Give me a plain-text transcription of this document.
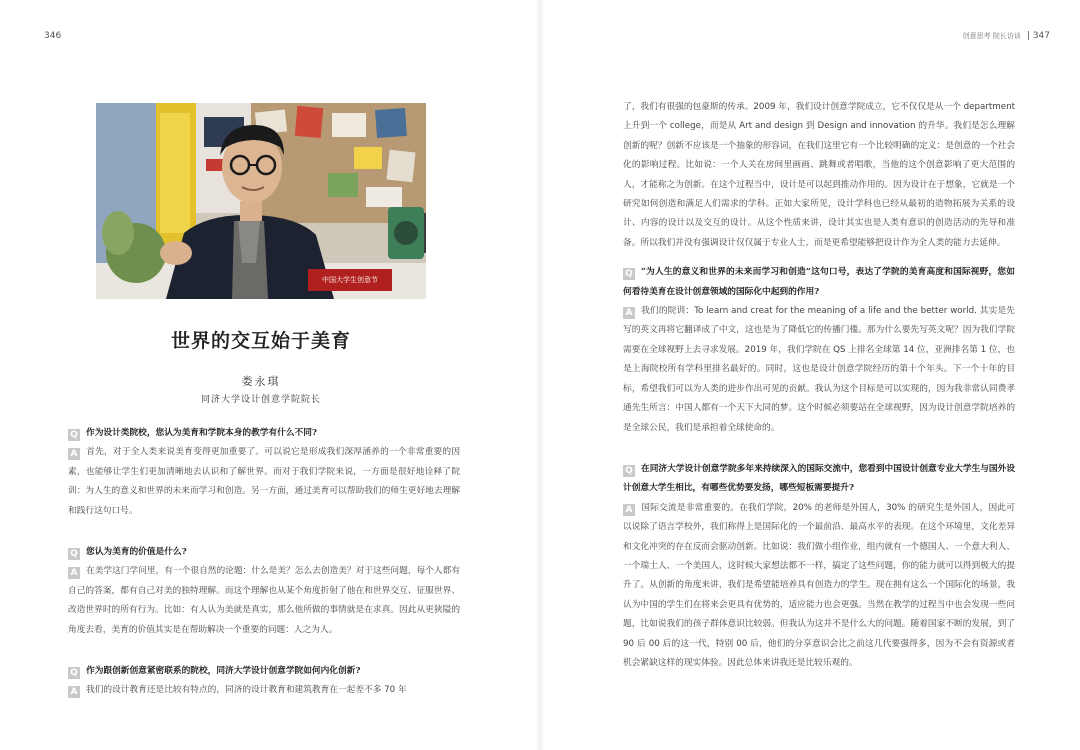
346	创意思考 院长访谈 | 347
中国大学生创意节
世界的交互始于美育
娄永琪
同济大学设计创意学院院长

Q 作为设计类院校，您认为美育和学院本身的教学有什么不同?

A 首先，对于全人类来说美育变得更加重要了。可以说它是形成我们深厚涵养的一个非常重要的因素，也能够让学生们更加清晰地去认识和了解世界。而对于我们学院来说，一方面是很好地诠释了院训：为人生的意义和世界的未来而学习和创造。另一方面，通过美育可以帮助我们的师生更好地去理解和践行这句口号。

Q 您认为美育的价值是什么?

A 在美学这门学问里，有一个很自然的论题：什么是美？怎么去创造美？对于这些问题，每个人都有自己的答案，都有自己对美的独特理解。而这个理解也从某个角度折射了他在和世界交互、征服世界、改造世界时的所有行为。比如：有人认为美就是真实，那么他所做的事情就是在求真。因此从更狭隘的角度去看，美育的价值其实是在帮助解决一个重要的问题：人之为人。

Q 作为跟创新创意紧密联系的院校，同济大学设计创意学院如何内化创新?

A 我们的设计教育还是比较有特点的，同济的设计教育和建筑教育在一起差不多 70 年

了，我们有很强的包豪斯的传承。2009 年，我们设计创意学院成立，它不仅仅是从一个 department 上升到一个 college，而是从 Art and design 到 Design and innovation 的升华。我们是怎么理解创新的呢？创新不应该是一个抽象的形容词，在我们这里它有一个比较明确的定义：是创意的一个社会化的影响过程。比如说：一个人关在房间里画画、跳舞或者唱歌，当他的这个创意影响了更大范围的人，才能称之为创新。在这个过程当中，设计是可以起到推动作用的。因为设计在于想象，它就是一个研究如何创造和满足人们需求的学科。正如大家所见，设计学科也已经从最初的造物拓展为关系的设计、内容的设计以及交互的设计。从这个性质来讲，设计其实也是人类有意识的创造活动的先导和准备。所以我们并没有强调设计仅仅属于专业人士，而是更希望能够把设计作为全人类的能力去延伸。

Q “为人生的意义和世界的未来而学习和创造”这句口号，表达了学院的美育高度和国际视野，您如何看待美育在设计创意领域的国际化中起到的作用?

A 我们的院训：To learn and creat for the meaning of a life and the better world. 其实是先写的英文再将它翻译成了中文，这也是为了降低它的传播门槛。那为什么要先写英文呢？因为我们学院需要在全球视野上去寻求发展。2019 年，我们学院在 QS 上排名全球第 14 位，亚洲排名第 1 位，也是上海院校所有学科里排名最好的。同时，这也是设计创意学院经历的第十个年头。下一个十年的目标，希望我们可以为人类的进步作出可见的贡献。我认为这个目标是可以实现的，因为我非常认同费孝通先生所言：中国人都有一个天下大同的梦。这个时候必须要站在全球视野，因为设计创意学院培养的是全球公民，我们是承担着全球使命的。

Q 在同济大学设计创意学院多年来持续深入的国际交流中，您看到中国设计创意专业大学生与国外设计创意大学生相比，有哪些优势要发扬，哪些短板需要提升?

A 国际交流是非常重要的。在我们学院，20% 的老师是外国人，30% 的研究生是外国人，因此可以说除了语言学校外，我们称得上是国际化的一个最前沿、最高水平的表现。在这个环境里，文化差异和文化冲突的存在反而会驱动创新。比如说：我们做小组作业，组内就有一个德国人、一个意大利人、一个瑞士人、一个美国人，这时候大家想法都不一样，搞定了这些问题，你的能力就可以得到极大的提升了。从创新的角度来讲，我们是希望能培养具有创造力的学生。现在拥有这么一个国际化的场景，我认为中国的学生们在将来会更具有优势的，适应能力也会更强。当然在教学的过程当中也会发现一些问题，比如说我们的孩子群体意识比较弱。但我认为这并不是什么大的问题。随着国家不断的发展，到了 90 后 00 后的这一代，特别 00 后，他们的分享意识会比之前这几代要强得多，因为不会有资源或者机会紧缺这样的现实体验。因此总体来讲我还是比较乐观的。
